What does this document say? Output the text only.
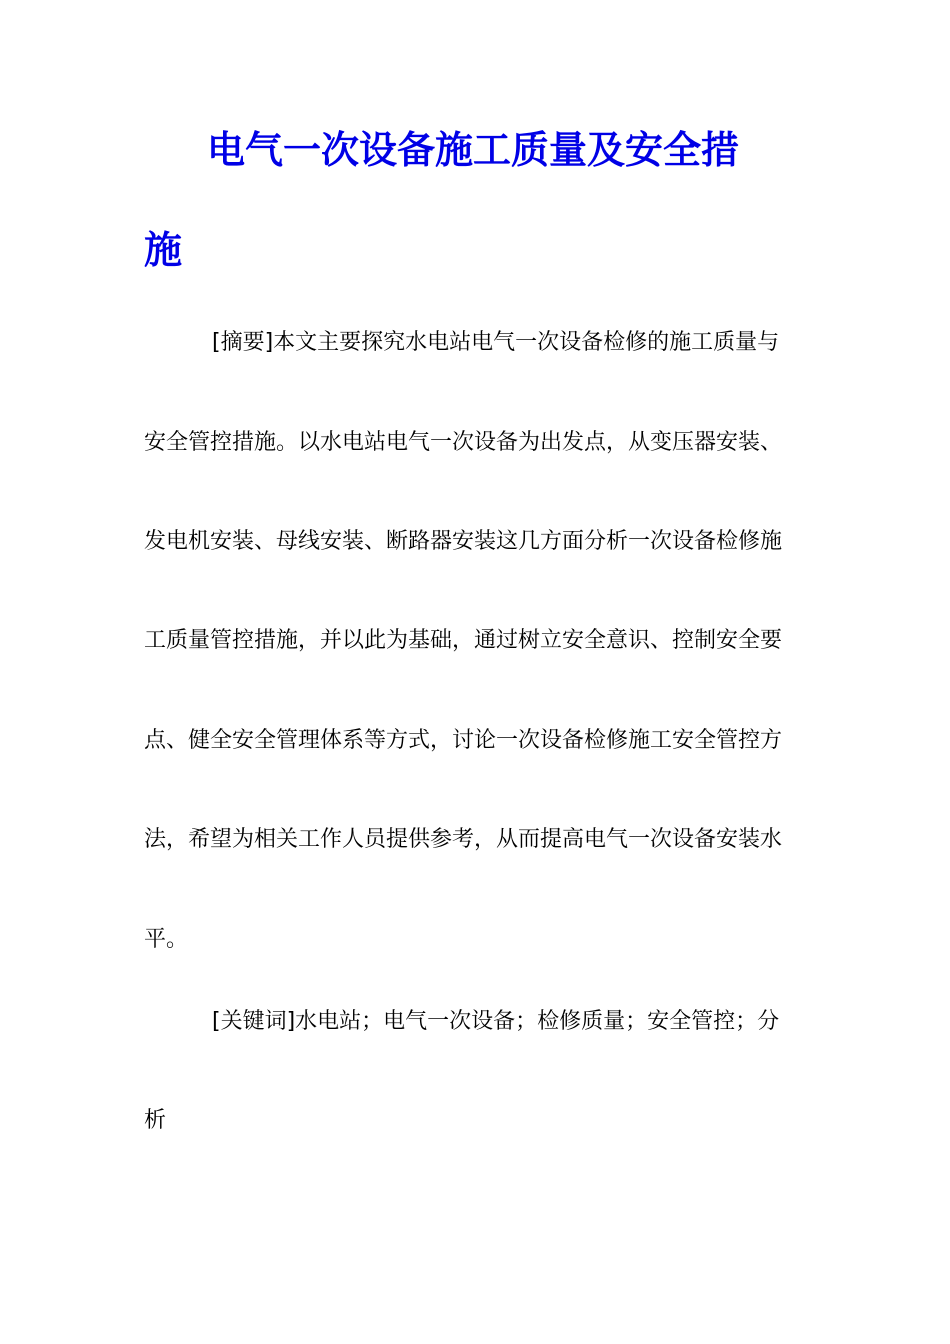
电气一次设备施工质量及安全措
施

[摘要]本文主要探究水电站电气一次设备检修的施工质量与

安全管控措施。以水电站电气一次设备为出发点，从变压器安装、

发电机安装、母线安装、断路器安装这几方面分析一次设备检修施

工质量管控措施，并以此为基础，通过树立安全意识、控制安全要

点、健全安全管理体系等方式，讨论一次设备检修施工安全管控方

法，希望为相关工作人员提供参考，从而提高电气一次设备安装水

平。

[关键词]水电站；电气一次设备；检修质量；安全管控；分

析
